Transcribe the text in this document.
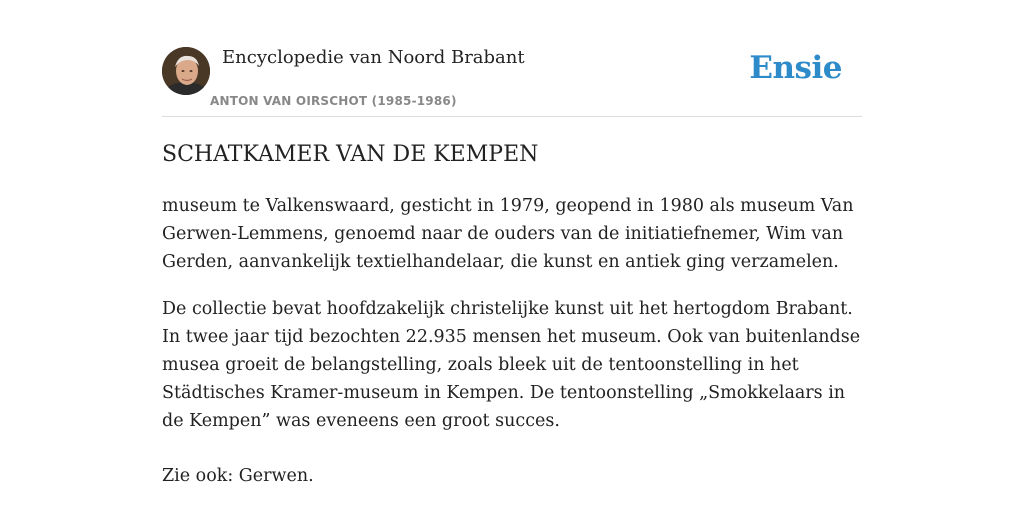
Encyclopedie van Noord Brabant
ANTON VAN OIRSCHOT (1985-1986)
Ensie
SCHATKAMER VAN DE KEMPEN

museum te Valkenswaard, gesticht in 1979, geopend in 1980 als museum Van Gerwen-Lemmens, genoemd naar de ouders van de initiatiefnemer, Wim van Gerden, aanvankelijk textielhandelaar, die kunst en antiek ging verzamelen.

De collectie bevat hoofdzakelijk christelijke kunst uit het hertogdom Brabant. In twee jaar tijd bezochten 22.935 mensen het museum. Ook van buitenlandse musea groeit de belangstelling, zoals bleek uit de tentoonstelling in het Städtisches Kramer-museum in Kempen. De tentoonstelling „Smokkelaars in de Kempen” was eveneens een groot succes.

Zie ook: Gerwen.
